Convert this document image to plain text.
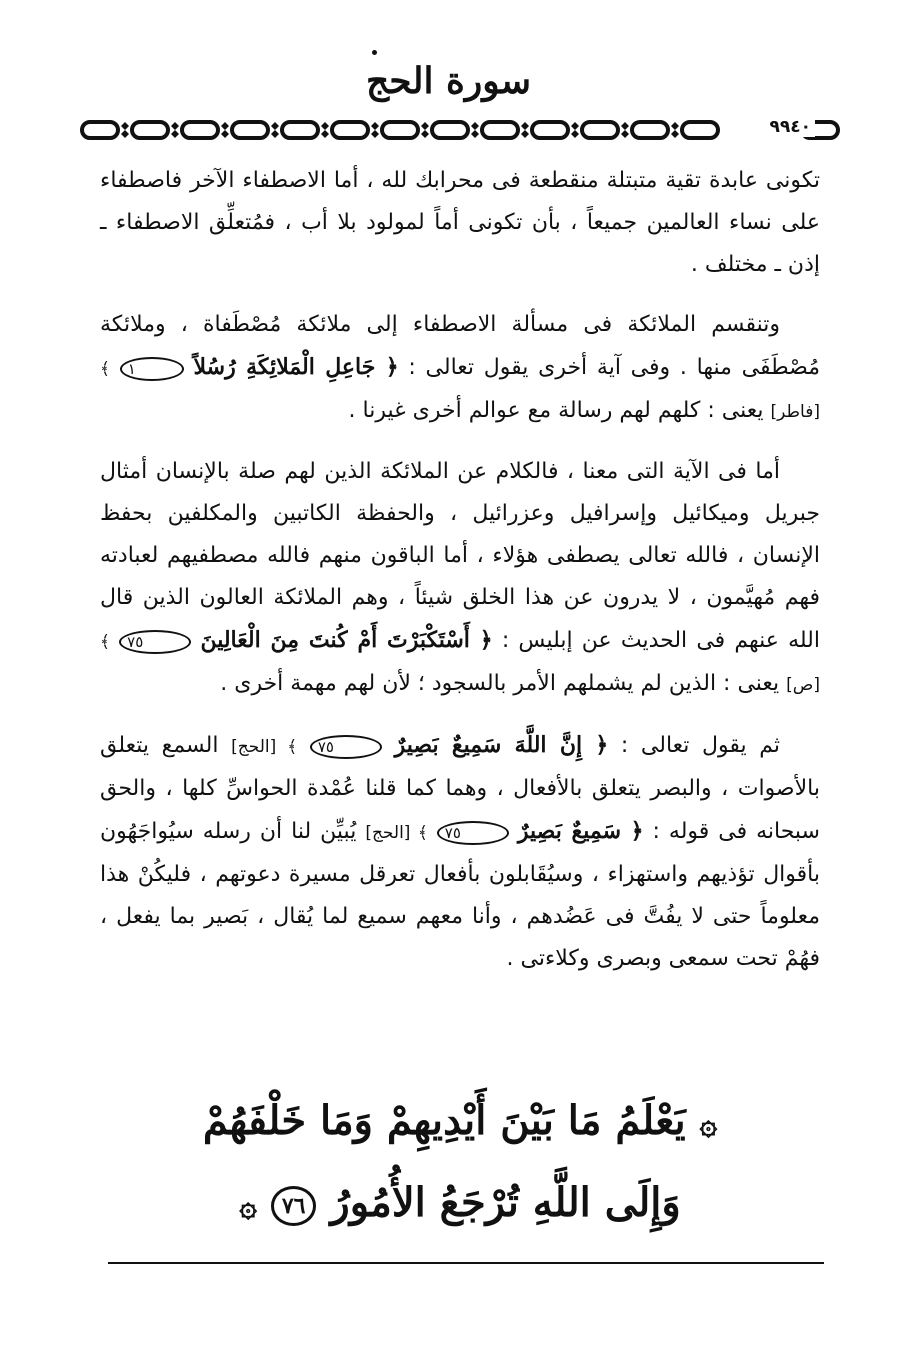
سورة الحج
٩٩٤٠

تكونى عابدة تقية متبتلة منقطعة فى محرابك لله ، أما الاصطفاء الآخر فاصطفاء على نساء العالمين جميعاً ، بأن تكونى أماً لمولود بلا أب ، فمُتعلِّق الاصطفاء ـ إذن ـ مختلف .

وتنقسم الملائكة فى مسألة الاصطفاء إلى ملائكة مُصْطَفاة ، وملائكة مُصْطَفَى منها . وفى آية أخرى يقول تعالى : ﴿ جَاعِلِ الْمَلائِكَةِ رُسُلاً ١ ﴾ [فاطر] يعنى : كلهم لهم رسالة مع عوالم أخرى غيرنا .

أما فى الآية التى معنا ، فالكلام عن الملائكة الذين لهم صلة بالإنسان أمثال جبريل وميكائيل وإسرافيل وعزرائيل ، والحفظة الكاتبين والمكلفين بحفظ الإنسان ، فالله تعالى يصطفى هؤلاء ، أما الباقون منهم فالله مصطفيهم لعبادته فهم مُهيَّمون ، لا يدرون عن هذا الخلق شيئاً ، وهم الملائكة العالون الذين قال الله عنهم فى الحديث عن إبليس : ﴿ أَسْتَكْبَرْتَ أَمْ كُنتَ مِنَ الْعَالِينَ ٧٥ ﴾ [ص] يعنى : الذين لم يشملهم الأمر بالسجود ؛ لأن لهم مهمة أخرى .

ثم يقول تعالى : ﴿ إِنَّ اللَّهَ سَمِيعٌ بَصِيرٌ ٧٥ ﴾ [الحج] السمع يتعلق بالأصوات ، والبصر يتعلق بالأفعال ، وهما كما قلنا عُمْدة الحواسِّ كلها ، والحق سبحانه فى قوله : ﴿ سَمِيعٌ بَصِيرٌ ٧٥ ﴾ [الحج] يُبيِّن لنا أن رسله سيُواجَهُون بأقوال تؤذيهم واستهزاء ، وسيُقَابلون بأفعال تعرقل مسيرة دعوتهم ، فليكُنْ هذا معلوماً حتى لا يفُتَّ فى عَضُدهم ، وأنا معهم سميع لما يُقال ، بَصير بما يفعل ، فهُمْ تحت سمعى وبصرى وكلاءتى .

۞ يَعْلَمُ مَا بَيْنَ أَيْدِيهِمْ وَمَا خَلْفَهُمْ
وَإِلَى اللَّهِ تُرْجَعُ الأُمُورُ ٧٦ ۞
